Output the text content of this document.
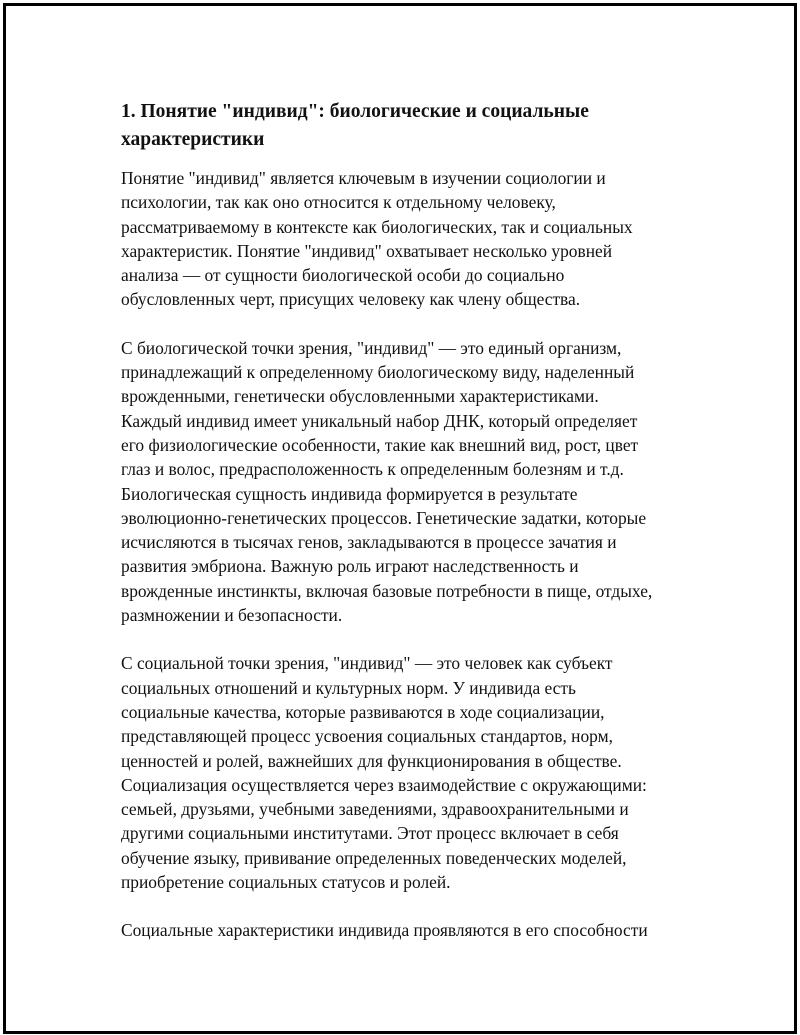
1. Понятие "индивид": биологические и социальные
характеристики

Понятие "индивид" является ключевым в изучении социологии и
психологии, так как оно относится к отдельному человеку,
рассматриваемому в контексте как биологических, так и социальных
характеристик. Понятие "индивид" охватывает несколько уровней
анализа — от сущности биологической особи до социально
обусловленных черт, присущих человеку как члену общества.

С биологической точки зрения, "индивид" — это единый организм,
принадлежащий к определенному биологическому виду, наделенный
врожденными, генетически обусловленными характеристиками.
Каждый индивид имеет уникальный набор ДНК, который определяет
его физиологические особенности, такие как внешний вид, рост, цвет
глаз и волос, предрасположенность к определенным болезням и т.д.
Биологическая сущность индивида формируется в результате
эволюционно-генетических процессов. Генетические задатки, которые
исчисляются в тысячах генов, закладываются в процессе зачатия и
развития эмбриона. Важную роль играют наследственность и
врожденные инстинкты, включая базовые потребности в пище, отдыхе,
размножении и безопасности.

С социальной точки зрения, "индивид" — это человек как субъект
социальных отношений и культурных норм. У индивида есть
социальные качества, которые развиваются в ходе социализации,
представляющей процесс усвоения социальных стандартов, норм,
ценностей и ролей, важнейших для функционирования в обществе.
Социализация осуществляется через взаимодействие с окружающими:
семьей, друзьями, учебными заведениями, здравоохранительными и
другими социальными институтами. Этот процесс включает в себя
обучение языку, прививание определенных поведенческих моделей,
приобретение социальных статусов и ролей.

Социальные характеристики индивида проявляются в его способности
